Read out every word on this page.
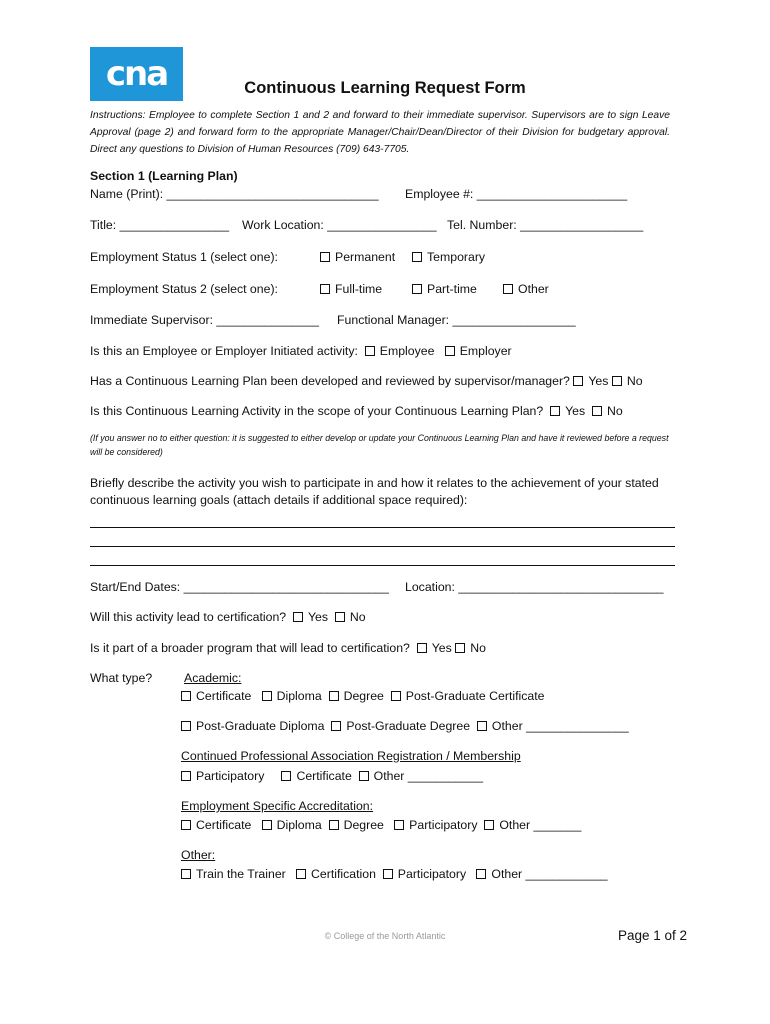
cna	Continuous Learning Request Form
Instructions: Employee to complete Section 1 and 2 and forward to their immediate supervisor. Supervisors are to sign Leave Approval (page 2) and forward form to the appropriate Manager/Chair/Dean/Director of their Division for budgetary approval. Direct any questions to Division of Human Resources (709) 643-7705.
Section 1 (Learning Plan)
Name (Print): _______________________________ Employee #: ______________________
Title: ________________ Work Location: ________________ Tel. Number: __________________
Employment Status 1 (select one):	Permanent	Temporary
Employment Status 2 (select one):	Full-time	Part-time	Other
Immediate Supervisor: _______________ Functional Manager: __________________
Is this an Employee or Employer Initiated activity: Employee Employer
Has a Continuous Learning Plan been developed and reviewed by supervisor/manager? Yes No
Is this Continuous Learning Activity in the scope of your Continuous Learning Plan? Yes No
(If you answer no to either question: it is suggested to either develop or update your Continuous Learning Plan and have it reviewed before a request will be considered)
Briefly describe the activity you wish to participate in and how it relates to the achievement of your stated continuous learning goals (attach details if additional space required):
Start/End Dates: ______________________________ Location: ______________________________
Will this activity lead to certification? Yes No
Is it part of a broader program that will lead to certification? Yes No
What type?	Academic:
Certificate Diploma Degree Post-Graduate Certificate
Post-Graduate Diploma Post-Graduate Degree Other _______________
Continued Professional Association Registration / Membership
Participatory	Certificate Other ___________
Employment Specific Accreditation:
Certificate Diploma Degree Participatory Other _______
Other:
Train the Trainer Certification Participatory Other ____________
© College of the North Atlantic	Page 1 of 2
